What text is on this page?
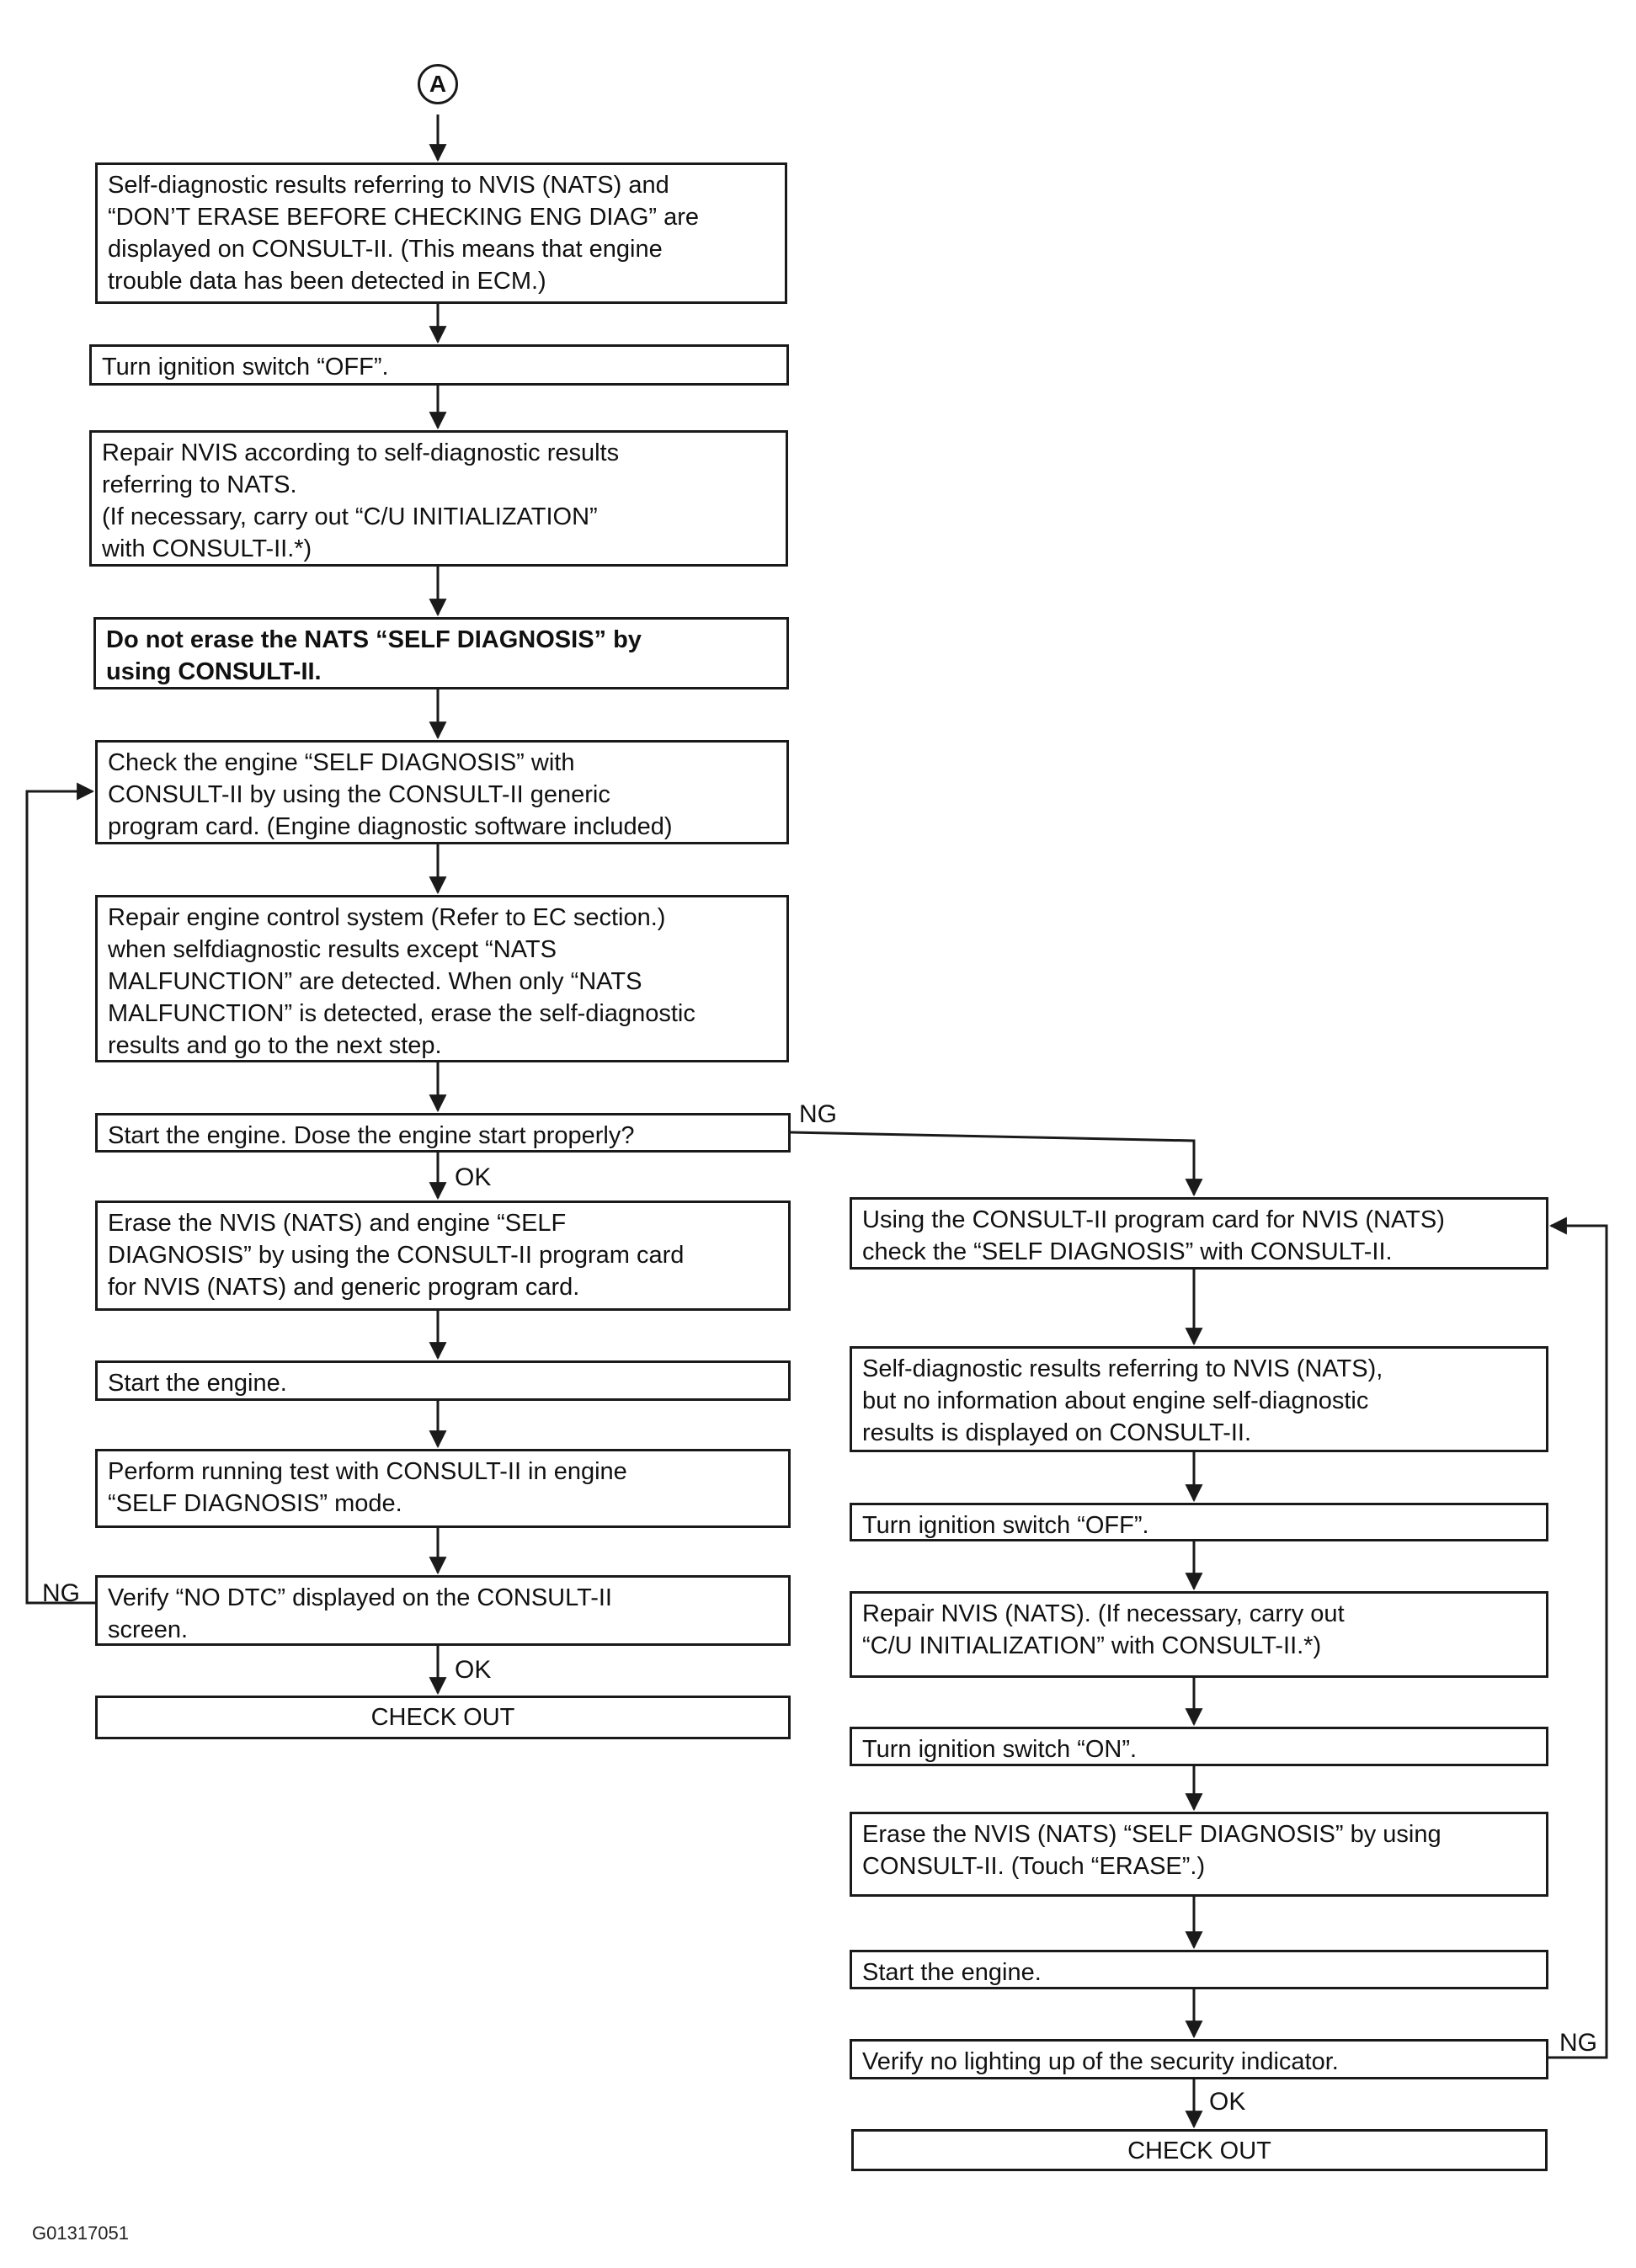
A
Self-diagnostic results referring to NVIS (NATS) and
“DON’T ERASE BEFORE CHECKING ENG DIAG” are
displayed on CONSULT-II. (This means that engine
trouble data has been detected in ECM.)
Turn ignition switch “OFF”.
Repair NVIS according to self-diagnostic results
referring to NATS.
(If necessary, carry out “C/U INITIALIZATION”
with CONSULT-II.*)
Do not erase the NATS “SELF DIAGNOSIS” by
using CONSULT-II.
Check the engine “SELF DIAGNOSIS” with
CONSULT-II by using the CONSULT-II generic
program card. (Engine diagnostic software included)
Repair engine control system (Refer to EC section.)
when selfdiagnostic results except “NATS
MALFUNCTION” are detected. When only “NATS
MALFUNCTION” is detected, erase the self-diagnostic
results and go to the next step.
Start the engine. Dose the engine start properly?
Erase the NVIS (NATS) and engine “SELF
DIAGNOSIS” by using the CONSULT-II program card
for NVIS (NATS) and generic program card.
Start the engine.
Perform running test with CONSULT-II in engine
“SELF DIAGNOSIS” mode.
Verify “NO DTC” displayed on the CONSULT-II
screen.
CHECK OUT
Using the CONSULT-II program card for NVIS (NATS)
check the “SELF DIAGNOSIS” with CONSULT-II.
Self-diagnostic results referring to NVIS (NATS),
but no information about engine self-diagnostic
results is displayed on CONSULT-II.
Turn ignition switch “OFF”.
Repair NVIS (NATS). (If necessary, carry out
“C/U INITIALIZATION” with CONSULT-II.*)
Turn ignition switch “ON”.
Erase the NVIS (NATS) “SELF DIAGNOSIS” by using
CONSULT-II. (Touch “ERASE”.)
Start the engine.
Verify no lighting up of the security indicator.
CHECK OUT
NG
OK
NG
OK
NG
OK
G01317051
